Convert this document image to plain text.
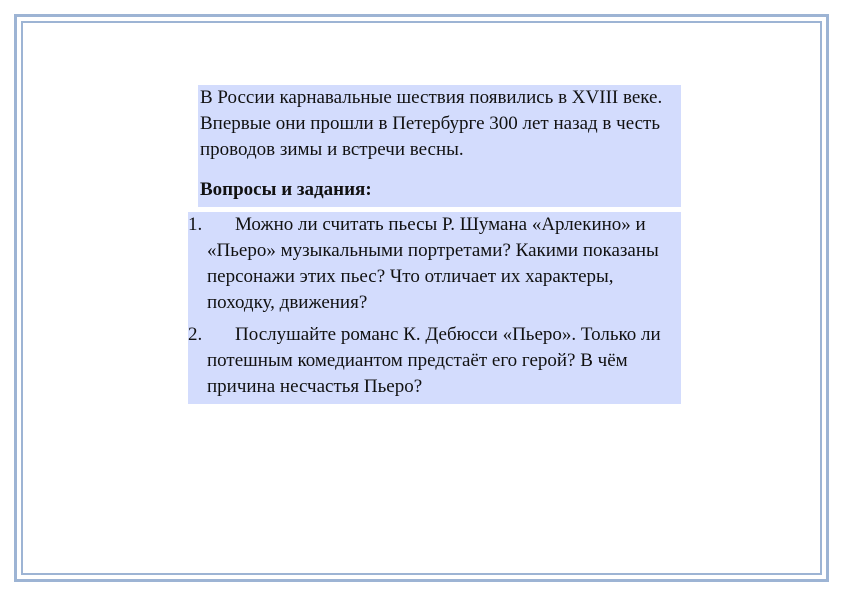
В России карнавальные шествия появились в XVIII веке. Впервые они прошли в Петербурге 300 лет назад в честь проводов зимы и встречи весны.

Вопросы и задания:

1.	Можно ли считать пьесы Р. Шумана «Арлекино» и «Пьеро» музыкальными портретами? Какими показаны персонажи этих пьес? Что отличает их характеры, походку, движения?
2.	Послушайте романс К. Дебюсси «Пьеро». Только ли потешным комедиантом предстаёт его герой? В чём причина несчастья Пьеро?
